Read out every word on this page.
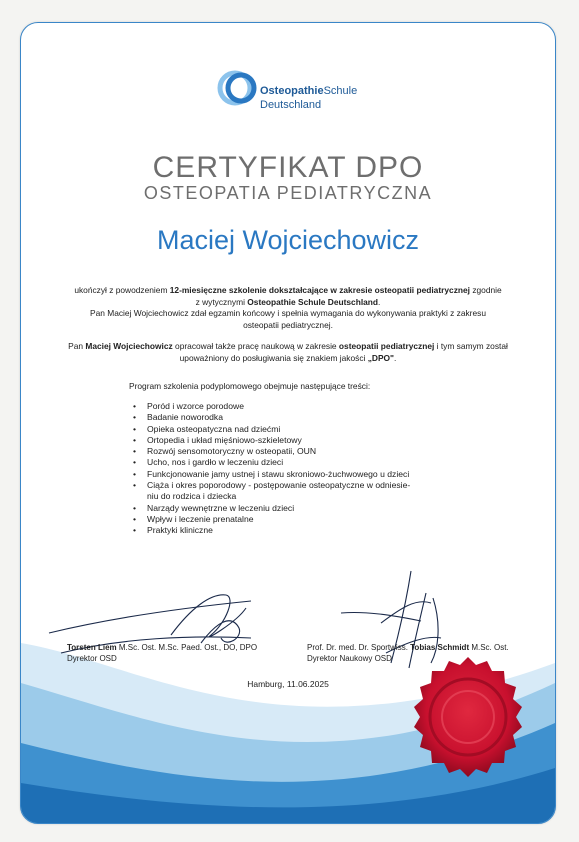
OsteopathieSchule
Deutschland
CERTYFIKAT DPO
OSTEOPATIA PEDIATRYCZNA
Maciej Wojciechowicz
ukończył z powodzeniem 12-miesięczne szkolenie dokształcające w zakresie osteopatii pediatrycznej zgodnie
z wytycznymi Osteopathie Schule Deutschland.
Pan Maciej Wojciechowicz zdał egzamin końcowy i spełnia wymagania do wykonywania praktyki z zakresu
osteopatii pediatrycznej.
Pan Maciej Wojciechowicz opracował także pracę naukową w zakresie osteopatii pediatrycznej i tym samym został
upoważniony do posługiwania się znakiem jakości „DPO".
Program szkolenia podyplomowego obejmuje następujące treści:
• Poród i wzorce porodowe
• Badanie noworodka
• Opieka osteopatyczna nad dziećmi
• Ortopedia i układ mięśniowo-szkieletowy
• Rozwój sensomotoryczny w osteopatii, OUN
• Ucho, nos i gardło w leczeniu dzieci
• Funkcjonowanie jamy ustnej i stawu skroniowo-żuchwowego u dzieci
• Ciąża i okres poporodowy - postępowanie osteopatyczne w odniesie-
niu do rodzica i dziecka
• Narządy wewnętrzne w leczeniu dzieci
• Wpływ i leczenie prenatalne
• Praktyki kliniczne
Torsten Liem M.Sc. Ost. M.Sc. Paed. Ost., DO, DPO
Dyrektor OSD
Prof. Dr. med. Dr. Sportwiss. Tobias Schmidt M.Sc. Ost.
Dyrektor Naukowy OSD
Hamburg, 11.06.2025
